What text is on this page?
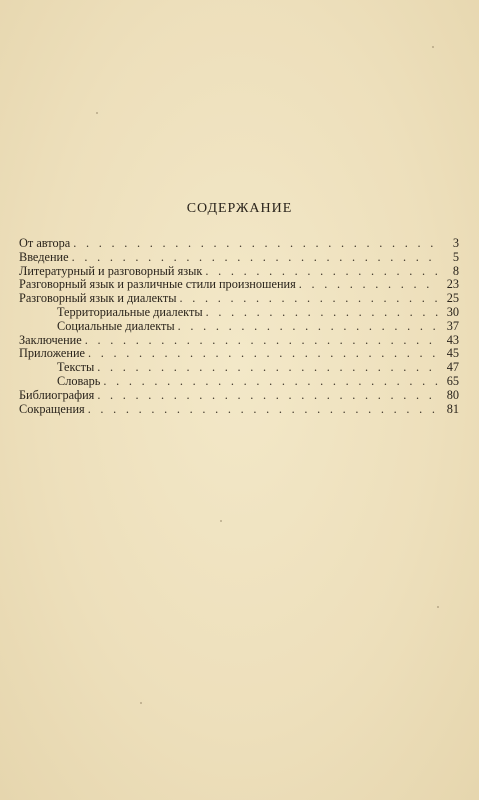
СОДЕРЖАНИЕ
От автора . . .	3
Введение . . .	5
Литературный и разговорный язык . . .	8
Разговорный язык и различные стили произношения . . .	23
Разговорный язык и диалекты . . .	25
Территориальные диалекты . . .	30
Социальные диалекты . . .	37
Заключение . . .	43
Приложение . . .	45
Тексты . . .	47
Словарь . . .	65
Библиография . . .	80
Сокращения . . .	81
